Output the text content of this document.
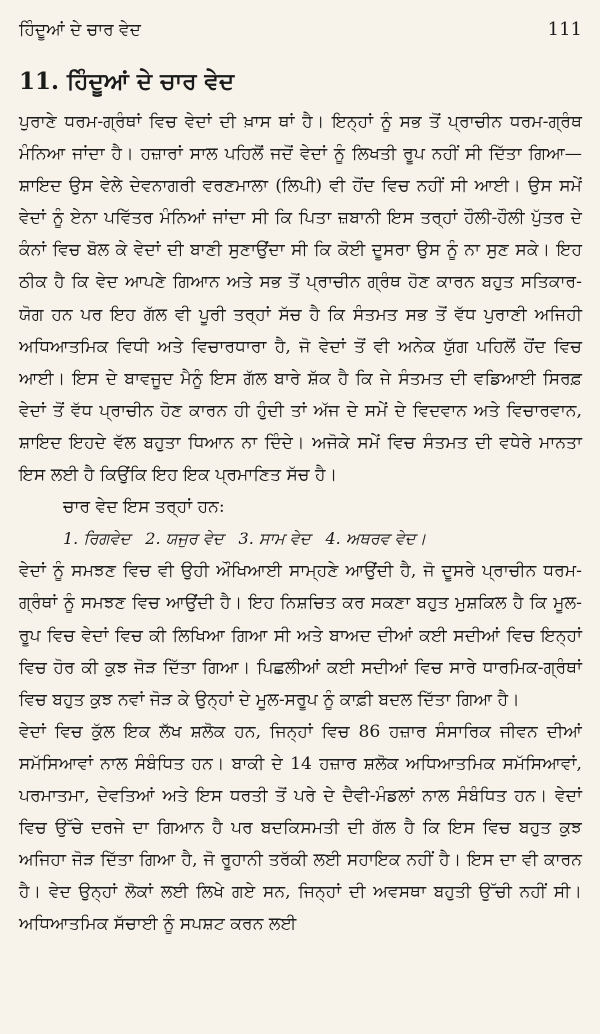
ਹਿੰਦੂਆਂ ਦੇ ਚਾਰ ਵੇਦ	111
11. ਹਿੰਦੂਆਂ ਦੇ ਚਾਰ ਵੇਦ

ਪੁਰਾਣੇ ਧਰਮ-ਗ੍ਰੰਥਾਂ ਵਿਚ ਵੇਦਾਂ ਦੀ ਖ਼ਾਸ ਥਾਂ ਹੈ। ਇਨ੍ਹਾਂ ਨੂੰ ਸਭ ਤੋਂ ਪ੍ਰਾਚੀਨ ਧਰਮ-ਗ੍ਰੰਥ ਮੰਨਿਆ ਜਾਂਦਾ ਹੈ। ਹਜ਼ਾਰਾਂ ਸਾਲ ਪਹਿਲੋਂ ਜਦੋਂ ਵੇਦਾਂ ਨੂੰ ਲਿਖਤੀ ਰੂਪ ਨਹੀਂ ਸੀ ਦਿੱਤਾ ਗਿਆ—ਸ਼ਾਇਦ ਉਸ ਵੇਲੇ ਦੇਵਨਾਗਰੀ ਵਰਣਮਾਲਾ (ਲਿਪੀ) ਵੀ ਹੋਂਦ ਵਿਚ ਨਹੀਂ ਸੀ ਆਈ। ਉਸ ਸਮੇਂ ਵੇਦਾਂ ਨੂੰ ਏਨਾ ਪਵਿੱਤਰ ਮੰਨਿਆਂ ਜਾਂਦਾ ਸੀ ਕਿ ਪਿਤਾ ਜ਼ਬਾਨੀ ਇਸ ਤਰ੍ਹਾਂ ਹੌਲੀ-ਹੌਲੀ ਪੁੱਤਰ ਦੇ ਕੰਨਾਂ ਵਿਚ ਬੋਲ ਕੇ ਵੇਦਾਂ ਦੀ ਬਾਣੀ ਸੁਣਾਉਂਦਾ ਸੀ ਕਿ ਕੋਈ ਦੂਸਰਾ ਉਸ ਨੂੰ ਨਾ ਸੁਣ ਸਕੇ। ਇਹ ਠੀਕ ਹੈ ਕਿ ਵੇਦ ਆਪਣੇ ਗਿਆਨ ਅਤੇ ਸਭ ਤੋਂ ਪ੍ਰਾਚੀਨ ਗ੍ਰੰਥ ਹੋਣ ਕਾਰਨ ਬਹੁਤ ਸਤਿਕਾਰ-ਯੋਗ ਹਨ ਪਰ ਇਹ ਗੱਲ ਵੀ ਪੂਰੀ ਤਰ੍ਹਾਂ ਸੱਚ ਹੈ ਕਿ ਸੰਤਮਤ ਸਭ ਤੋਂ ਵੱਧ ਪੁਰਾਣੀ ਅਜਿਹੀ ਅਧਿਆਤਮਿਕ ਵਿਧੀ ਅਤੇ ਵਿਚਾਰਧਾਰਾ ਹੈ, ਜੋ ਵੇਦਾਂ ਤੋਂ ਵੀ ਅਨੇਕ ਯੁੱਗ ਪਹਿਲੋਂ ਹੋਂਦ ਵਿਚ ਆਈ। ਇਸ ਦੇ ਬਾਵਜੂਦ ਮੈਨੂੰ ਇਸ ਗੱਲ ਬਾਰੇ ਸ਼ੱਕ ਹੈ ਕਿ ਜੇ ਸੰਤਮਤ ਦੀ ਵਡਿਆਈ ਸਿਰਫ਼ ਵੇਦਾਂ ਤੋਂ ਵੱਧ ਪ੍ਰਾਚੀਨ ਹੋਣ ਕਾਰਨ ਹੀ ਹੁੰਦੀ ਤਾਂ ਅੱਜ ਦੇ ਸਮੇਂ ਦੇ ਵਿਦਵਾਨ ਅਤੇ ਵਿਚਾਰਵਾਨ, ਸ਼ਾਇਦ ਇਹਦੇ ਵੱਲ ਬਹੁਤਾ ਧਿਆਨ ਨਾ ਦਿੰਦੇ। ਅਜੋਕੇ ਸਮੇਂ ਵਿਚ ਸੰਤਮਤ ਦੀ ਵਧੇਰੇ ਮਾਨਤਾ ਇਸ ਲਈ ਹੈ ਕਿਉਂਕਿ ਇਹ ਇਕ ਪ੍ਰਮਾਣਿਤ ਸੱਚ ਹੈ।

ਚਾਰ ਵੇਦ ਇਸ ਤਰ੍ਹਾਂ ਹਨ:

1. ਰਿਗਵੇਦ 2. ਯਜੁਰ ਵੇਦ 3. ਸਾਮ ਵੇਦ 4. ਅਥਰਵ ਵੇਦ।

ਵੇਦਾਂ ਨੂੰ ਸਮਝਣ ਵਿਚ ਵੀ ਉਹੀ ਔਖਿਆਈ ਸਾਮ੍ਹਣੇ ਆਉਂਦੀ ਹੈ, ਜੋ ਦੂਸਰੇ ਪ੍ਰਾਚੀਨ ਧਰਮ-ਗ੍ਰੰਥਾਂ ਨੂੰ ਸਮਝਣ ਵਿਚ ਆਉਂਦੀ ਹੈ। ਇਹ ਨਿਸ਼ਚਿਤ ਕਰ ਸਕਣਾ ਬਹੁਤ ਮੁਸ਼ਕਿਲ ਹੈ ਕਿ ਮੂਲ-ਰੂਪ ਵਿਚ ਵੇਦਾਂ ਵਿਚ ਕੀ ਲਿਖਿਆ ਗਿਆ ਸੀ ਅਤੇ ਬਾਅਦ ਦੀਆਂ ਕਈ ਸਦੀਆਂ ਵਿਚ ਇਨ੍ਹਾਂ ਵਿਚ ਹੋਰ ਕੀ ਕੁਝ ਜੋੜ ਦਿੱਤਾ ਗਿਆ। ਪਿਛਲੀਆਂ ਕਈ ਸਦੀਆਂ ਵਿਚ ਸਾਰੇ ਧਾਰਮਿਕ-ਗ੍ਰੰਥਾਂ ਵਿਚ ਬਹੁਤ ਕੁਝ ਨਵਾਂ ਜੋੜ ਕੇ ਉਨ੍ਹਾਂ ਦੇ ਮੂਲ-ਸਰੂਪ ਨੂੰ ਕਾਫ਼ੀ ਬਦਲ ਦਿੱਤਾ ਗਿਆ ਹੈ।

ਵੇਦਾਂ ਵਿਚ ਕੁੱਲ ਇਕ ਲੱਖ ਸ਼ਲੋਕ ਹਨ, ਜਿਨ੍ਹਾਂ ਵਿਚ 86 ਹਜ਼ਾਰ ਸੰਸਾਰਿਕ ਜੀਵਨ ਦੀਆਂ ਸਮੱਸਿਆਵਾਂ ਨਾਲ ਸੰਬੰਧਿਤ ਹਨ। ਬਾਕੀ ਦੇ 14 ਹਜ਼ਾਰ ਸ਼ਲੋਕ ਅਧਿਆਤਮਿਕ ਸਮੱਸਿਆਵਾਂ, ਪਰਮਾਤਮਾ, ਦੇਵਤਿਆਂ ਅਤੇ ਇਸ ਧਰਤੀ ਤੋਂ ਪਰੇ ਦੇ ਦੈਵੀ-ਮੰਡਲਾਂ ਨਾਲ ਸੰਬੰਧਿਤ ਹਨ। ਵੇਦਾਂ ਵਿਚ ਉੱਚੇ ਦਰਜੇ ਦਾ ਗਿਆਨ ਹੈ ਪਰ ਬਦਕਿਸਮਤੀ ਦੀ ਗੱਲ ਹੈ ਕਿ ਇਸ ਵਿਚ ਬਹੁਤ ਕੁਝ ਅਜਿਹਾ ਜੋੜ ਦਿੱਤਾ ਗਿਆ ਹੈ, ਜੋ ਰੂਹਾਨੀ ਤਰੱਕੀ ਲਈ ਸਹਾਇਕ ਨਹੀਂ ਹੈ। ਇਸ ਦਾ ਵੀ ਕਾਰਨ ਹੈ। ਵੇਦ ਉਨ੍ਹਾਂ ਲੋਕਾਂ ਲਈ ਲਿਖੇ ਗਏ ਸਨ, ਜਿਨ੍ਹਾਂ ਦੀ ਅਵਸਥਾ ਬਹੁਤੀ ਉੱਚੀ ਨਹੀਂ ਸੀ। ਅਧਿਆਤਮਿਕ ਸੱਚਾਈ ਨੂੰ ਸਪਸ਼ਟ ਕਰਨ ਲਈ
